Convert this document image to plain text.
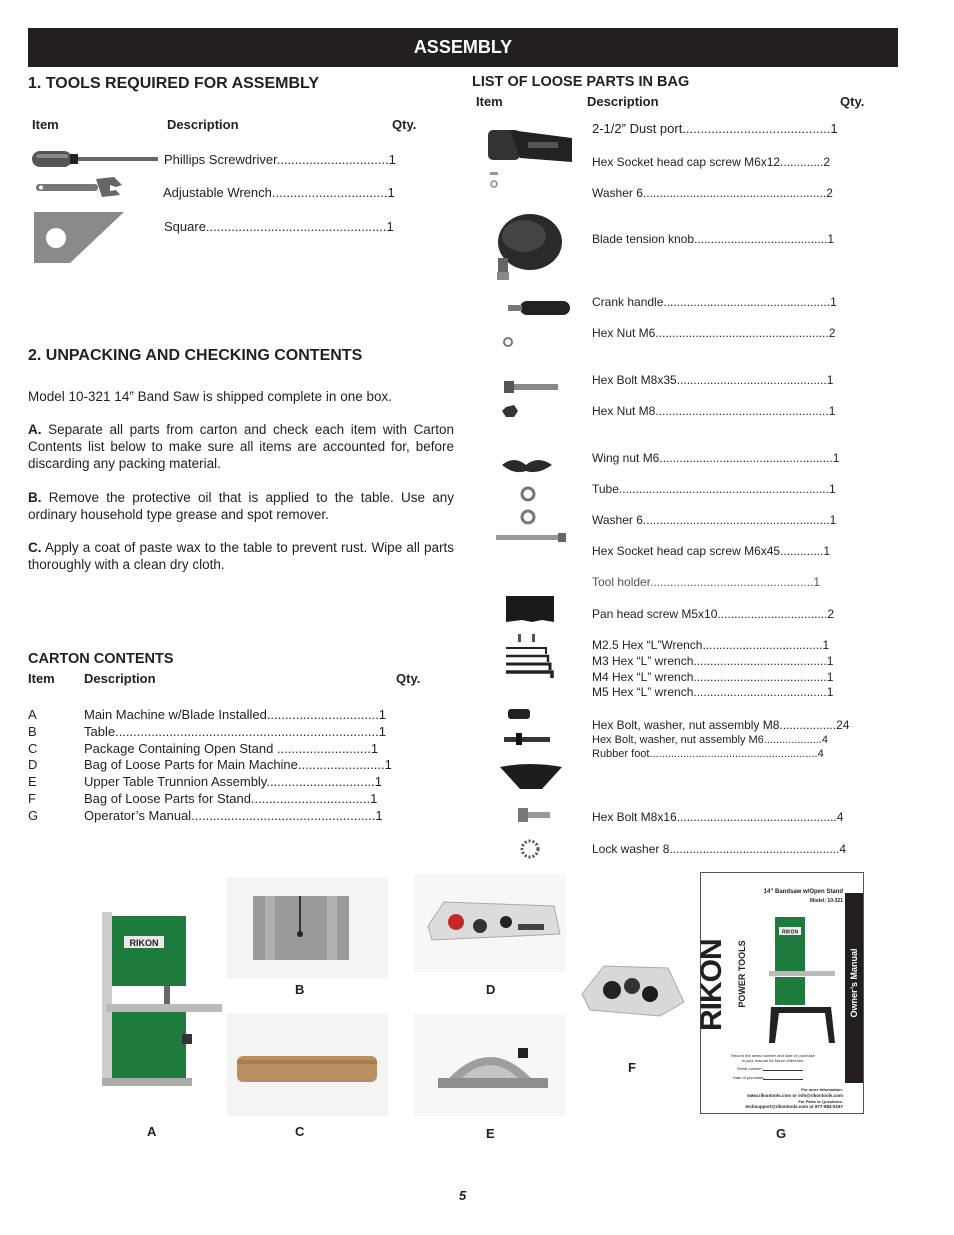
ASSEMBLY
1. TOOLS REQUIRED FOR ASSEMBLY
Item	Description	Qty.
Phillips Screwdriver...............................1
Adjustable Wrench................................1
Square..................................................1
2. UNPACKING AND CHECKING CONTENTS
Model 10-321 14” Band Saw is shipped complete in one box.
A. Separate all parts from carton and check each item with Carton Contents list below to make sure all items are accounted for, before discarding any packing material.
B. Remove the protective oil that is applied to the table. Use any ordinary household type grease and spot remover.
C. Apply a coat of paste wax to the table to prevent rust. Wipe all parts thoroughly with a clean dry cloth.
CARTON CONTENTS
Item Description	Qty.
A	Main Machine w/Blade Installed...............................1
B	Table.........................................................................1
C	Package Containing Open Stand ..........................1
D	Bag of Loose Parts for Main Machine........................1
E	Upper Table Trunnion Assembly..............................1
F	Bag of Loose Parts for Stand.................................1
G	Operator’s Manual...................................................1
LIST OF LOOSE PARTS IN BAG
Item	Description	Qty.
2-1/2” Dust port.........................................1
Hex Socket head cap screw M6x12.............2
Washer 6.......................................................2
Blade tension knob........................................1
Crank handle..................................................1
Hex Nut M6....................................................2
Hex Bolt M8x35.............................................1
Hex Nut M8....................................................1
Wing nut M6....................................................1
Tube...............................................................1
Washer 6........................................................1
Hex Socket head cap screw M6x45.............1
Tool holder.................................................1
Pan head screw M5x10.................................2
M2.5 Hex “L”Wrench....................................1
M3 Hex “L” wrench........................................1
M4 Hex “L” wrench........................................1
M5 Hex “L” wrench........................................1
Hex Bolt, washer, nut assembly M8.................24
Hex Bolt, washer, nut assembly M6...................4
Rubber foot.......................................................4
Hex Bolt M8x16................................................4
Lock washer 8...................................................4
RIKON
A
B
C
D
E
F
14” Bandsaw w/Open Stand
Model: 10-321
Owner’s Manual
RIKON POWER TOOLS
RIKON
Record the serial number and date of purchase in your manual for future reference.
Serial number:
Date of purchase:
For more Information:
www.rikontools.com or info@rikontools.com
For Parts or Questions:
techsupport@rikontools.com or 877-884-5167
G
5
